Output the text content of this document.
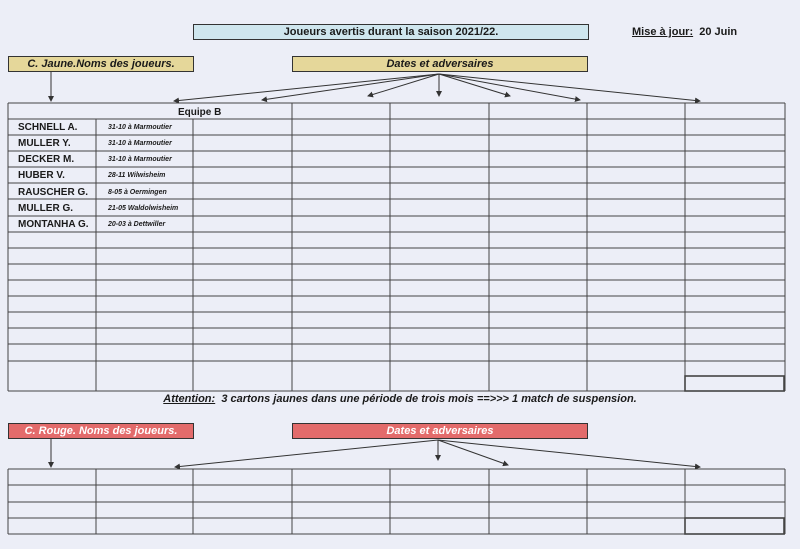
Joueurs avertis durant la saison 2021/22.	Mise à jour: 20 Juin
C. Jaune.Noms des joueurs.	Dates et adversaires
Equipe B
SCHNELL A.	31-10 à Marmoutier
MULLER Y.	31-10 à Marmoutier
DECKER M.	31-10 à Marmoutier
HUBER V.	28-11 Wilwisheim
RAUSCHER G.	8-05 à Oermingen
MULLER G.	21-05 Waldolwisheim
MONTANHA G.	20-03 à Dettwiller
Attention: 3 cartons jaunes dans une période de trois mois ==>>> 1 match de suspension.
C. Rouge. Noms des joueurs.	Dates et adversaires
